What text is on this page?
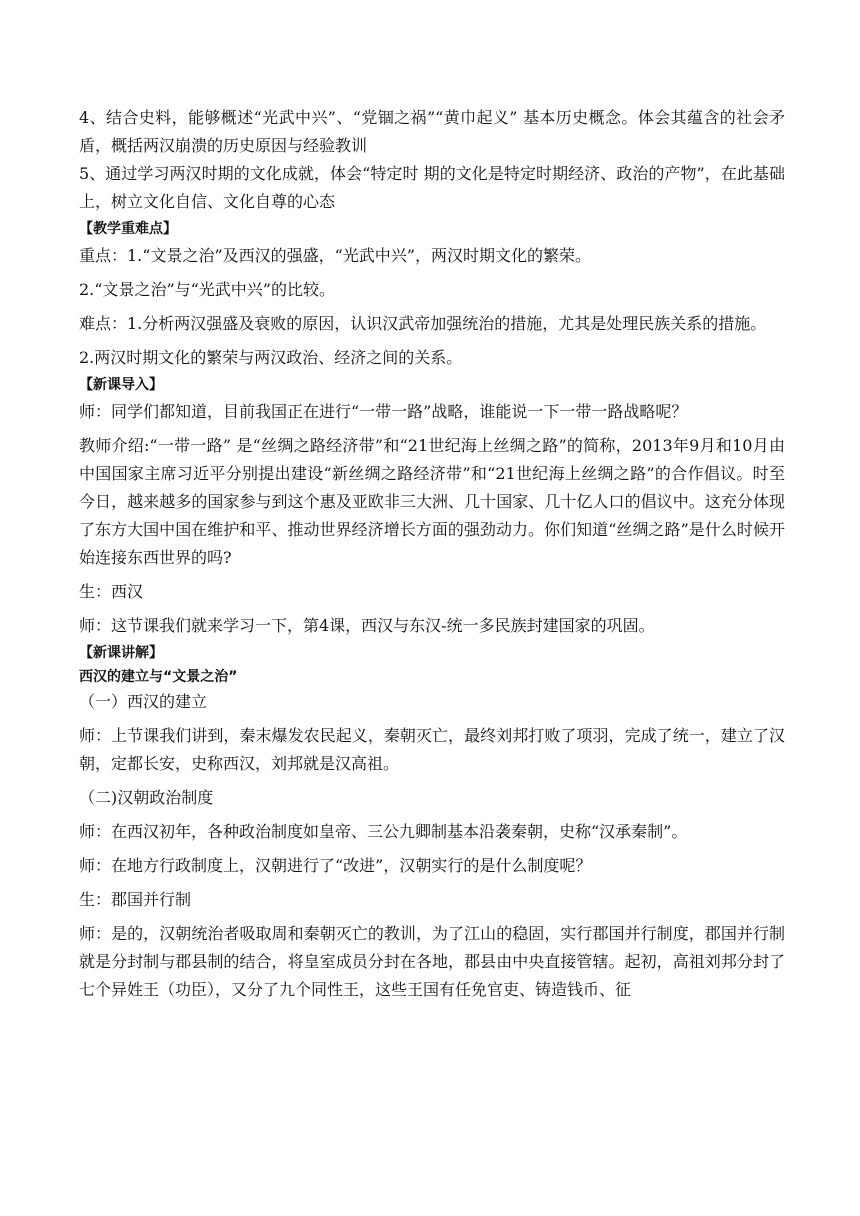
4、结合史料，能够概述“光武中兴”、“党锢之祸”“黄巾起义” 基本历史概念。体会其蕴含的社会矛盾，概括两汉崩溃的历史原因与经验教训

5、通过学习两汉时期的文化成就，体会“特定时 期的文化是特定时期经济、政治的产物”，在此基础上，树立文化自信、文化自尊的心态

【教学重难点】

重点：1.“文景之治”及西汉的强盛，“光武中兴”，两汉时期文化的繁荣。

2.“文景之治”与“光武中兴”的比较。

难点：1.分析两汉强盛及衰败的原因，认识汉武帝加强统治的措施，尤其是处理民族关系的措施。

2.两汉时期文化的繁荣与两汉政治、经济之间的关系。

【新课导入】

师：同学们都知道，目前我国正在进行“一带一路”战略，谁能说一下一带一路战略呢？

教师介绍:“一带一路” 是“丝绸之路经济带”和“21世纪海上丝绸之路”的简称，2013年9月和10月由中国国家主席习近平分别提出建设“新丝绸之路经济带”和“21世纪海上丝绸之路”的合作倡议。时至今日，越来越多的国家参与到这个惠及亚欧非三大洲、几十国家、几十亿人口的倡议中。这充分体现了东方大国中国在维护和平、推动世界经济增长方面的强劲动力。你们知道“丝绸之路”是什么时候开始连接东西世界的吗?

生：西汉

师：这节课我们就来学习一下，第4课，西汉与东汉-统一多民族封建国家的巩固。

【新课讲解】

西汉的建立与“文景之治”

（一）西汉的建立

师：上节课我们讲到，秦末爆发农民起义，秦朝灭亡，最终刘邦打败了项羽，完成了统一，建立了汉朝，定都长安，史称西汉，刘邦就是汉高祖。

（二)汉朝政治制度

师：在西汉初年，各种政治制度如皇帝、三公九卿制基本沿袭秦朝，史称“汉承秦制”。

师：在地方行政制度上，汉朝进行了“改进”，汉朝实行的是什么制度呢？

生：郡国并行制

师：是的，汉朝统治者吸取周和秦朝灭亡的教训，为了江山的稳固，实行郡国并行制度，郡国并行制就是分封制与郡县制的结合，将皇室成员分封在各地，郡县由中央直接管辖。起初，高祖刘邦分封了七个异姓王（功臣），又分了九个同性王，这些王国有任免官吏、铸造钱币、征
